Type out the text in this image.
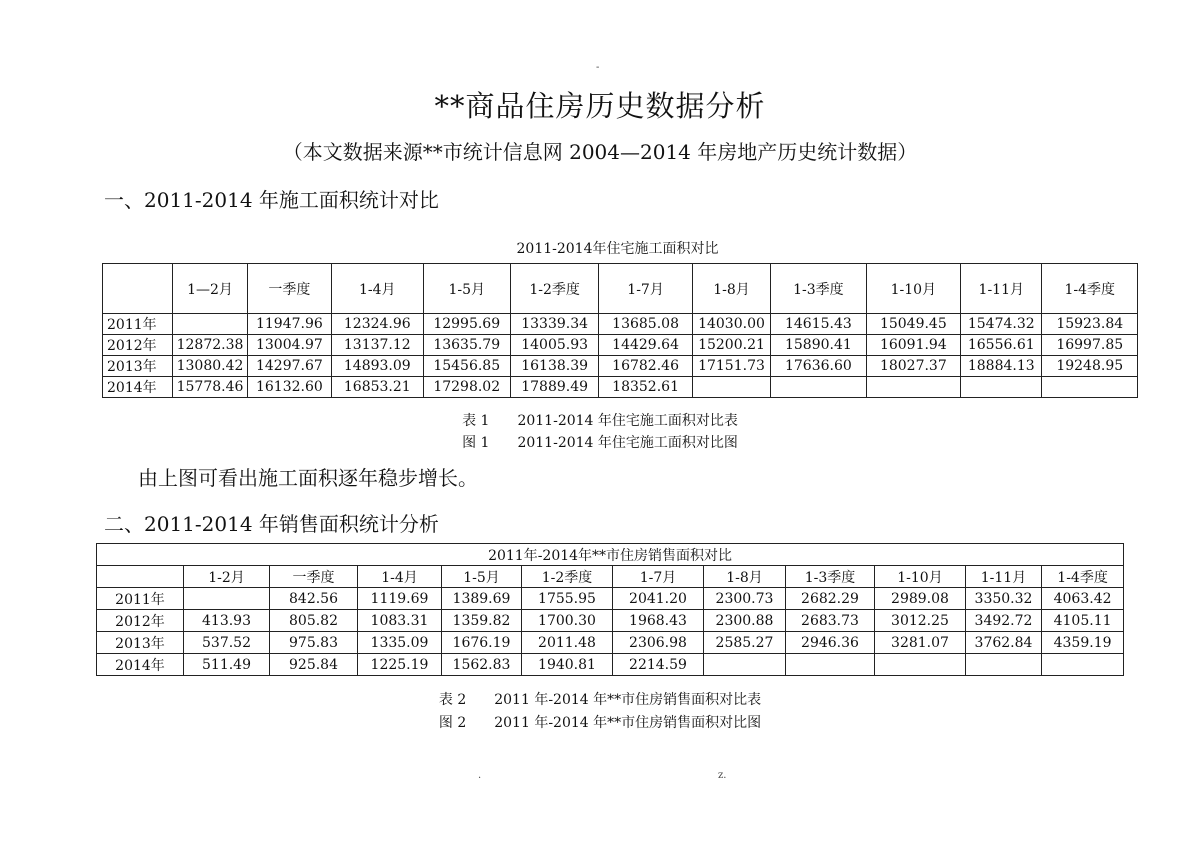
-
**商品住房历史数据分析
（本文数据来源**市统计信息网 2004—2014 年房地产历史统计数据）
一、2011-2014 年施工面积统计对比
2011-2014年住宅施工面积对比
	1—2月	一季度	1-4月	1-5月	1-2季度	1-7月	1-8月	1-3季度	1-10月	1-11月	1-4季度
2011年		11947.96	12324.96	12995.69	13339.34	13685.08	14030.00	14615.43	15049.45	15474.32	15923.84
2012年	12872.38	13004.97	13137.12	13635.79	14005.93	14429.64	15200.21	15890.41	16091.94	16556.61	16997.85
2013年	13080.42	14297.67	14893.09	15456.85	16138.39	16782.46	17151.73	17636.60	18027.37	18884.13	19248.95
2014年	15778.46	16132.60	16853.21	17298.02	17889.49	18352.61					
表 1 2011-2014 年住宅施工面积对比表
图 1 2011-2014 年住宅施工面积对比图
由上图可看出施工面积逐年稳步增长。
二、2011-2014 年销售面积统计分析
2011年-2014年**市住房销售面积对比											
	1-2月	一季度	1-4月	1-5月	1-2季度	1-7月	1-8月	1-3季度	1-10月	1-11月	1-4季度
2011年		842.56	1119.69	1389.69	1755.95	2041.20	2300.73	2682.29	2989.08	3350.32	4063.42
2012年	413.93	805.82	1083.31	1359.82	1700.30	1968.43	2300.88	2683.73	3012.25	3492.72	4105.11
2013年	537.52	975.83	1335.09	1676.19	2011.48	2306.98	2585.27	2946.36	3281.07	3762.84	4359.19
2014年	511.49	925.84	1225.19	1562.83	1940.81	2214.59					
表 2 2011 年-2014 年**市住房销售面积对比表
图 2 2011 年-2014 年**市住房销售面积对比图
.	z.
